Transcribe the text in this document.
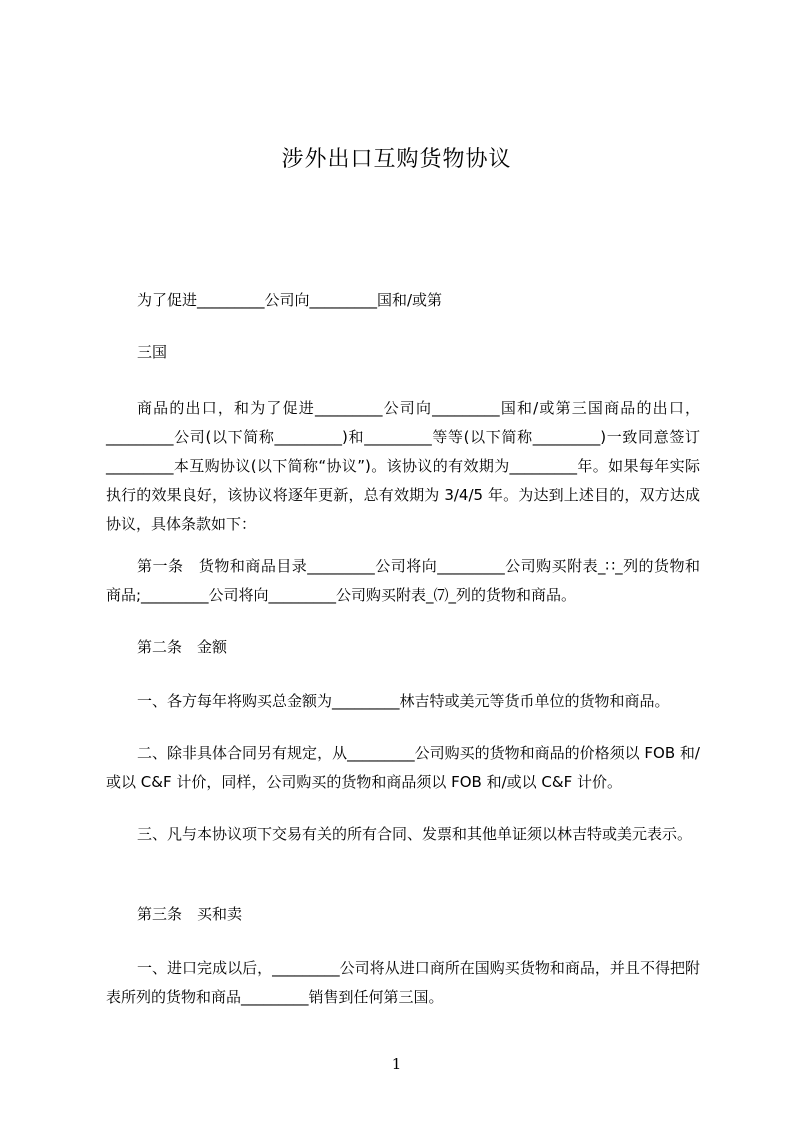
涉外出口互购货物协议

为了促进_________公司向_________国和/或第

三国

商品的出口，和为了促进_________公司向_________国和/或第三国商品的出口，_________公司(以下简称_________)和_________等等(以下简称_________)一致同意签订_________本互购协议(以下简称“协议”)。该协议的有效期为_________年。如果每年实际执行的效果良好，该协议将逐年更新，总有效期为 3/4/5 年。为达到上述目的，双方达成协议，具体条款如下：

第一条　货物和商品目录_________公司将向_________公司购买附表_∷_列的货物和商品;_________公司将向_________公司购买附表_⑺_列的货物和商品。

第二条　金额

一、各方每年将购买总金额为_________林吉特或美元等货币单位的货物和商品。

二、除非具体合同另有规定，从_________公司购买的货物和商品的价格须以 FOB 和/或以 C&F 计价，同样，公司购买的货物和商品须以 FOB 和/或以 C&F 计价。

三、凡与本协议项下交易有关的所有合同、发票和其他单证须以林吉特或美元表示。

第三条　买和卖

一、进口完成以后，_________公司将从进口商所在国购买货物和商品，并且不得把附表所列的货物和商品_________销售到任何第三国。

1
